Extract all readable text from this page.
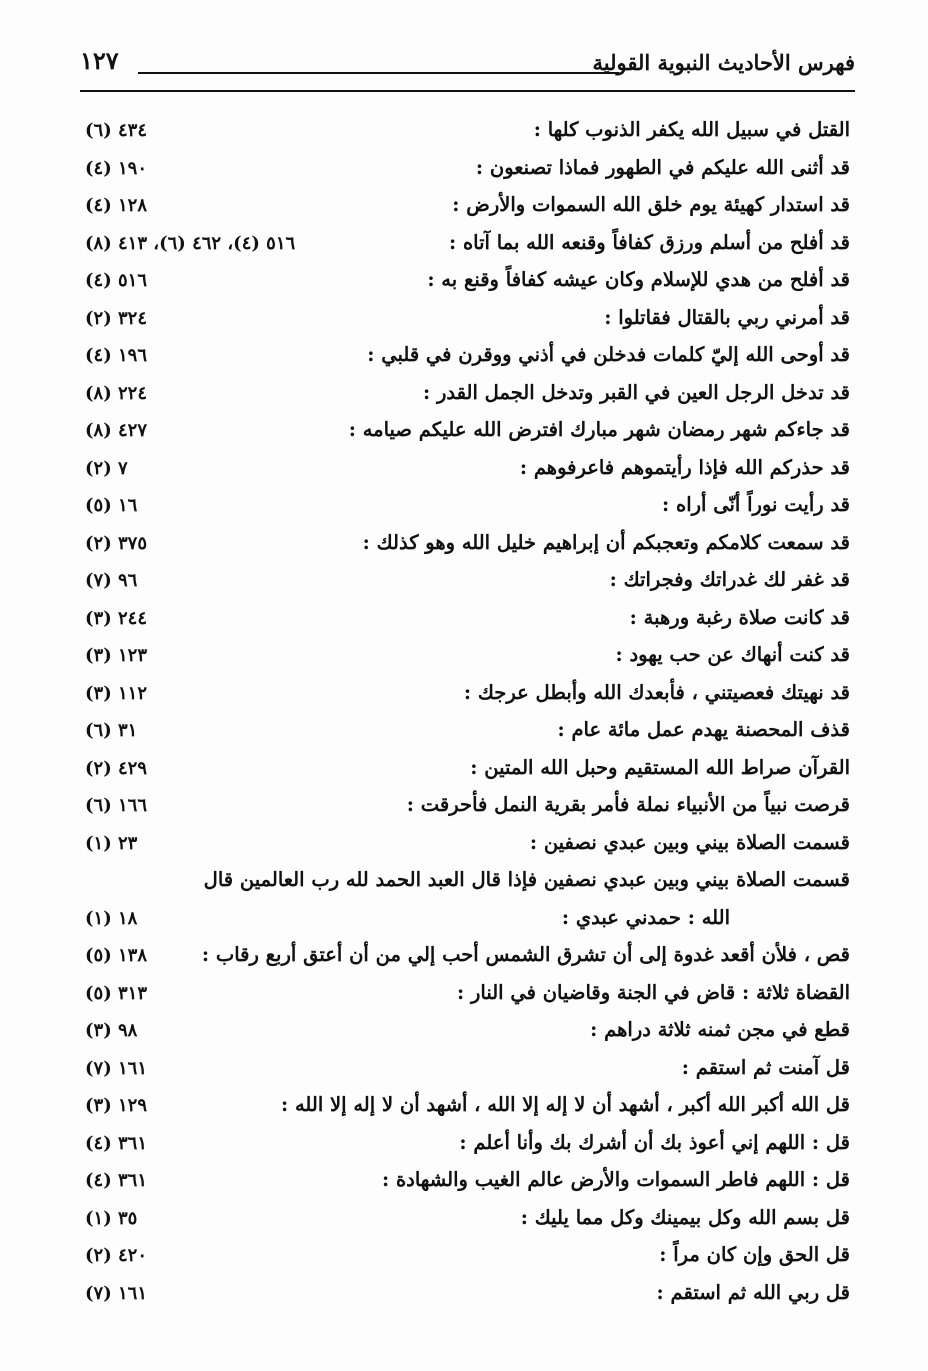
فهرس الأحاديث النبوية القولية
١٢٧
القتل في سبيل الله يكفر الذنوب كلها :
٤٣٤ (٦)
قد أثنى الله عليكم في الطهور فماذا تصنعون :
١٩٠ (٤)
قد استدار كهيئة يوم خلق الله السموات والأرض :
١٢٨ (٤)
قد أفلح من أسلم ورزق كفافاً وقنعه الله بما آتاه :
٥١٦ (٤)، ٤٦٢ (٦)، ٤١٣ (٨)
قد أفلح من هدي للإسلام وكان عيشه كفافاً وقنع به :
٥١٦ (٤)
قد أمرني ربي بالقتال فقاتلوا :
٣٢٤ (٢)
قد أوحى الله إليّ كلمات فدخلن في أذني ووقرن في قلبي :
١٩٦ (٤)
قد تدخل الرجل العين في القبر وتدخل الجمل القدر :
٢٢٤ (٨)
قد جاءكم شهر رمضان شهر مبارك افترض الله عليكم صيامه :
٤٢٧ (٨)
قد حذركم الله فإذا رأيتموهم فاعرفوهم :
٧ (٢)
قد رأيت نوراً أنّى أراه :
١٦ (٥)
قد سمعت كلامكم وتعجبكم أن إبراهيم خليل الله وهو كذلك :
٣٧٥ (٢)
قد غفر لك غدراتك وفجراتك :
٩٦ (٧)
قد كانت صلاة رغبة ورهبة :
٢٤٤ (٣)
قد كنت أنهاك عن حب يهود :
١٢٣ (٣)
قد نهيتك فعصيتني ، فأبعدك الله وأبطل عرجك :
١١٢ (٣)
قذف المحصنة يهدم عمل مائة عام :
٣١ (٦)
القرآن صراط الله المستقيم وحبل الله المتين :
٤٢٩ (٢)
قرصت نبياً من الأنبياء نملة فأمر بقرية النمل فأحرقت :
١٦٦ (٦)
قسمت الصلاة بيني وبين عبدي نصفين :
٢٣ (١)
قسمت الصلاة بيني وبين عبدي نصفين فإذا قال العبد الحمد لله رب العالمين قال
الله : حمدني عبدي :
١٨ (١)
قص ، فلأن أقعد غدوة إلى أن تشرق الشمس أحب إلي من أن أعتق أربع رقاب :
١٣٨ (٥)
القضاة ثلاثة : قاض في الجنة وقاضيان في النار :
٣١٣ (٥)
قطع في مجن ثمنه ثلاثة دراهم :
٩٨ (٣)
قل آمنت ثم استقم :
١٦١ (٧)
قل الله أكبر الله أكبر ، أشهد أن لا إله إلا الله ، أشهد أن لا إله إلا الله :
١٢٩ (٣)
قل : اللهم إني أعوذ بك أن أشرك بك وأنا أعلم :
٣٦١ (٤)
قل : اللهم فاطر السموات والأرض عالم الغيب والشهادة :
٣٦١ (٤)
قل بسم الله وكل بيمينك وكل مما يليك :
٣٥ (١)
قل الحق وإن كان مراً :
٤٢٠ (٢)
قل ربي الله ثم استقم :
١٦١ (٧)
